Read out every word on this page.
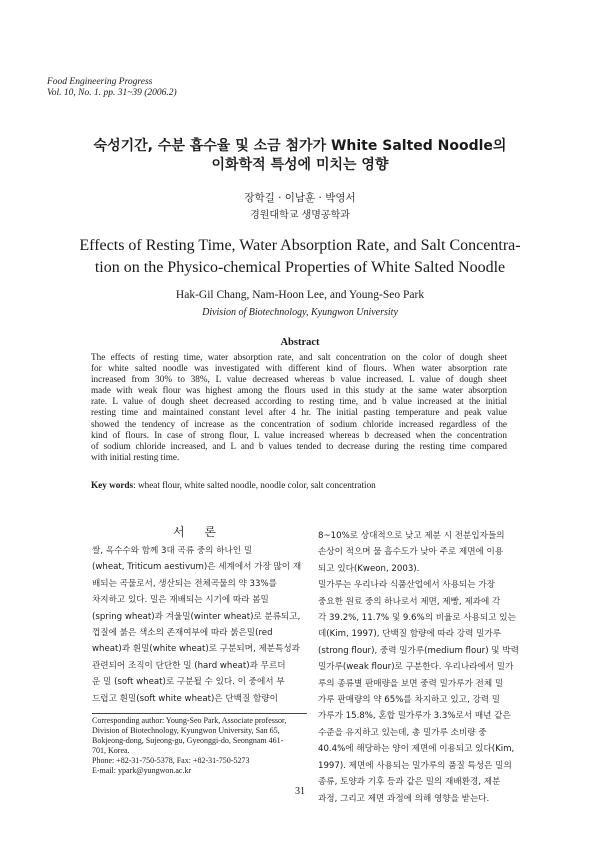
Food Engineering Progress
Vol. 10, No. 1. pp. 31~39 (2006.2)
숙성기간, 수분 흡수율 및 소금 첨가가 White Salted Noodle의
이화학적 특성에 미치는 영향
장학길 · 이남훈 · 박영서
경원대학교 생명공학과
Effects of Resting Time, Water Absorption Rate, and Salt Concentra-
tion on the Physico-chemical Properties of White Salted Noodle
Hak-Gil Chang, Nam-Hoon Lee, and Young-Seo Park
Division of Biotechnology, Kyungwon University
Abstract
The effects of resting time, water absorption rate, and salt concentration on the color of dough sheet
for white salted noodle was investigated with different kind of flours. When water absorption rate
increased from 30% to 38%, L value decreased whereas b value increased. L value of dough sheet
made with weak flour was highest among the flours used in this study at the same water absorption
rate. L value of dough sheet decreased according to resting time, and b value increased at the initial
resting time and maintained constant level after 4 hr. The initial pasting temperature and peak value
showed the tendency of increase as the concentration of sodium chloride increased regardless of the
kind of flours. In case of strong flour, L value increased whereas b decreased when the concentration
of sodium chloride increased, and L and b values tended to decrease during the resting time compared
with initial resting time.
Key words: wheat flour, white salted noodle, noodle color, salt concentration
서 론
쌀, 옥수수와 함께 3대 곡류 중의 하나인 밀
(wheat, Triticum aestivum)은 세계에서 가장 많이 재
배되는 곡물로서, 생산되는 전체곡물의 약 33%를
차지하고 있다. 밀은 재배되는 시기에 따라 봄밀
(spring wheat)과 겨울밀(winter wheat)로 분류되고,
껍질에 붉은 색소의 존재여부에 따라 붉은밀(red
wheat)과 흰밀(white wheat)로 구분되며, 제분특성과
관련되어 조직이 단단한 밀 (hard wheat)과 무르더
운 밀 (soft wheat)로 구분될 수 있다. 이 중에서 부
드럽고 흰밀(soft white wheat)은 단백질 함량이
8~10%로 상대적으로 낮고 제분 시 전분입자들의
손상이 적으며 물 흡수도가 낮아 주로 제면에 이용
되고 있다(Kweon, 2003).
밀가루는 우리나라 식품산업에서 사용되는 가장
중요한 원료 중의 하나로서 제면, 제빵, 제과에 각
각 39.2%, 11.7% 및 9.6%의 비율로 사용되고 있는
데(Kim, 1997), 단백질 함량에 따라 강력 밀가루
(strong flour), 중력 밀가루(medium flour) 및 박력
밀가루(weak flour)로 구분한다. 우리나라에서 밀가
루의 종류별 판매량을 보면 중력 밀가루가 전체 밀
가루 판매량의 약 65%를 차지하고 있고, 강력 밀
가루가 15.8%, 혼합 밀가루가 3.3%로서 매년 같은
수준을 유지하고 있는데, 총 밀가루 소비량 중
40.4%에 해당하는 양이 제면에 이용되고 있다(Kim,
1997). 제면에 사용되는 밀가루의 품질 특성은 밀의
종류, 토양과 기후 등과 같은 밀의 재배환경, 제분
과정, 그리고 제면 과정에 의해 영향을 받는다.
Corresponding author: Young-Seo Park, Associate professor,
Division of Biotechnology, Kyungwon University, San 65,
Bokjeong-dong, Sujeong-gu, Gyeonggi-do, Seongnam 461-
701, Korea.
Phone: +82-31-750-5378, Fax: +82-31-750-5273
E-mail: ypark@yungwon.ac.kr
31
